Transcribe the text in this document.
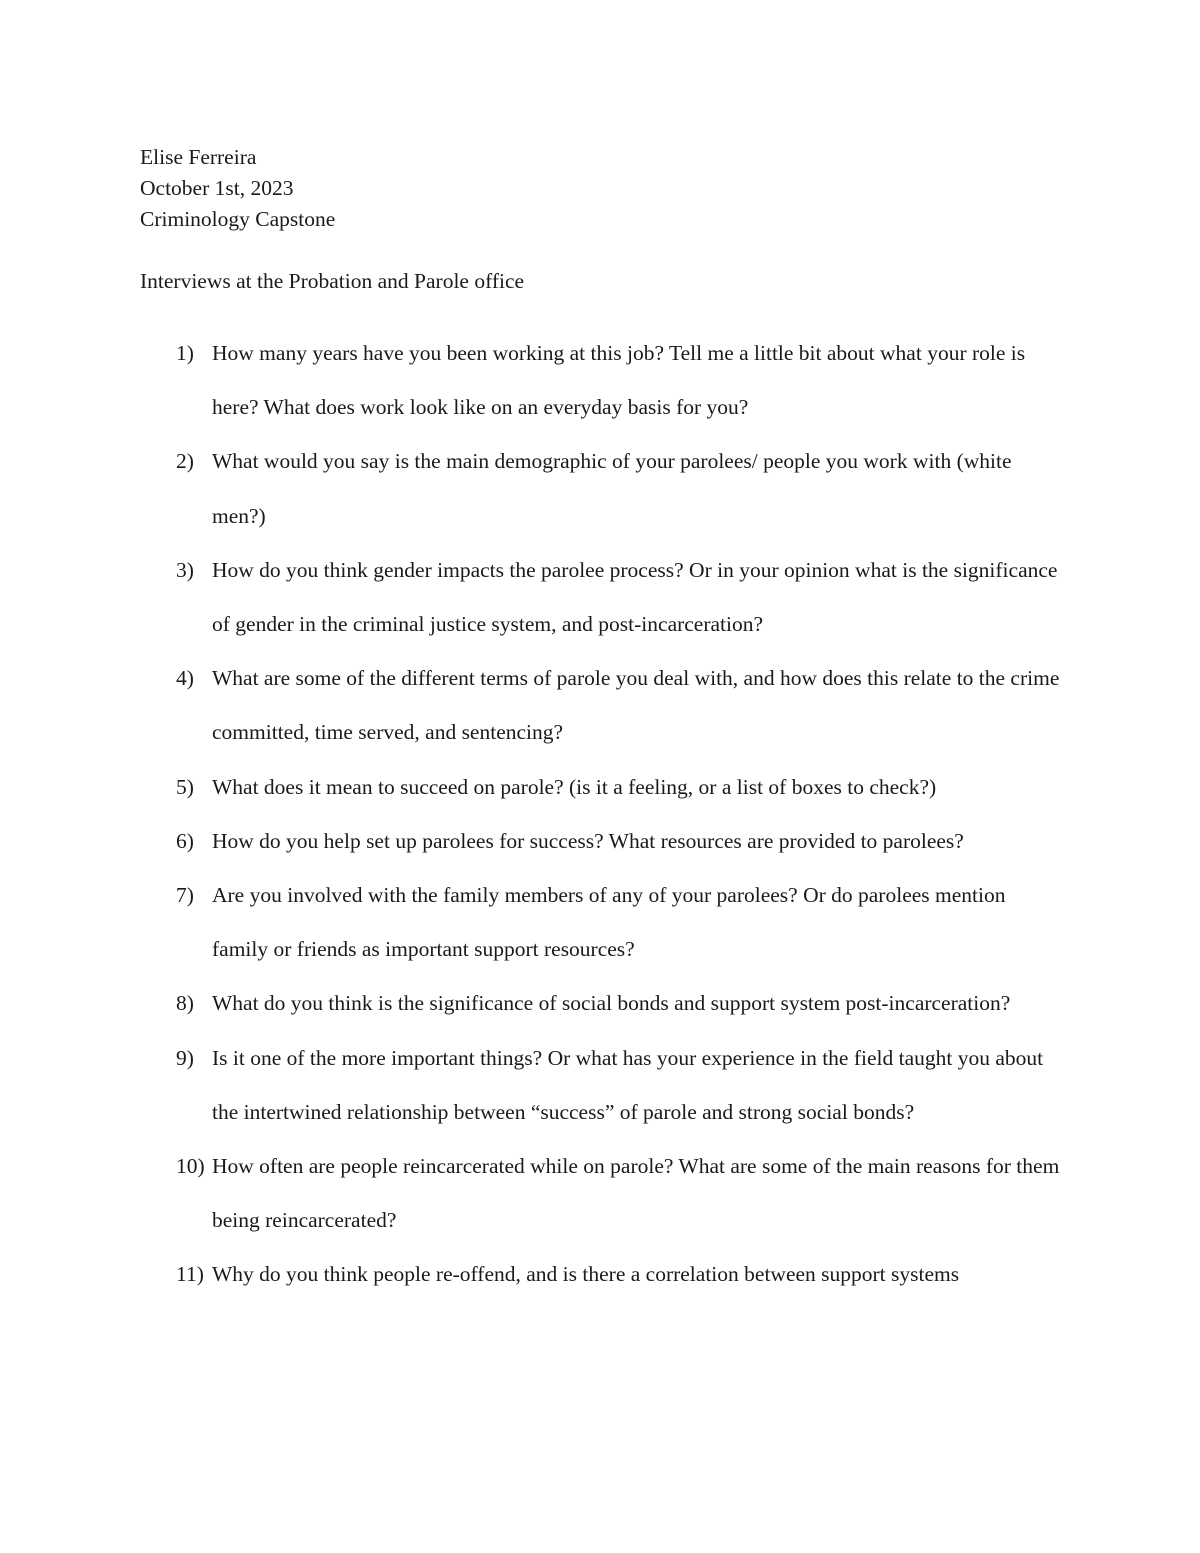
Elise Ferreira
October 1st, 2023
Criminology Capstone
Interviews at the Probation and Parole office
1) How many years have you been working at this job? Tell me a little bit about what your role is here? What does work look like on an everyday basis for you?
2) What would you say is the main demographic of your parolees/ people you work with (white men?)
3) How do you think gender impacts the parolee process? Or in your opinion what is the significance of gender in the criminal justice system, and post-incarceration?
4) What are some of the different terms of parole you deal with, and how does this relate to the crime committed, time served, and sentencing?
5) What does it mean to succeed on parole? (is it a feeling, or a list of boxes to check?)
6) How do you help set up parolees for success? What resources are provided to parolees?
7) Are you involved with the family members of any of your parolees? Or do parolees mention family or friends as important support resources?
8) What do you think is the significance of social bonds and support system post-incarceration?
9) Is it one of the more important things? Or what has your experience in the field taught you about the intertwined relationship between “success” of parole and strong social bonds?
10) How often are people reincarcerated while on parole? What are some of the main reasons for them being reincarcerated?
11) Why do you think people re-offend, and is there a correlation between support systems
